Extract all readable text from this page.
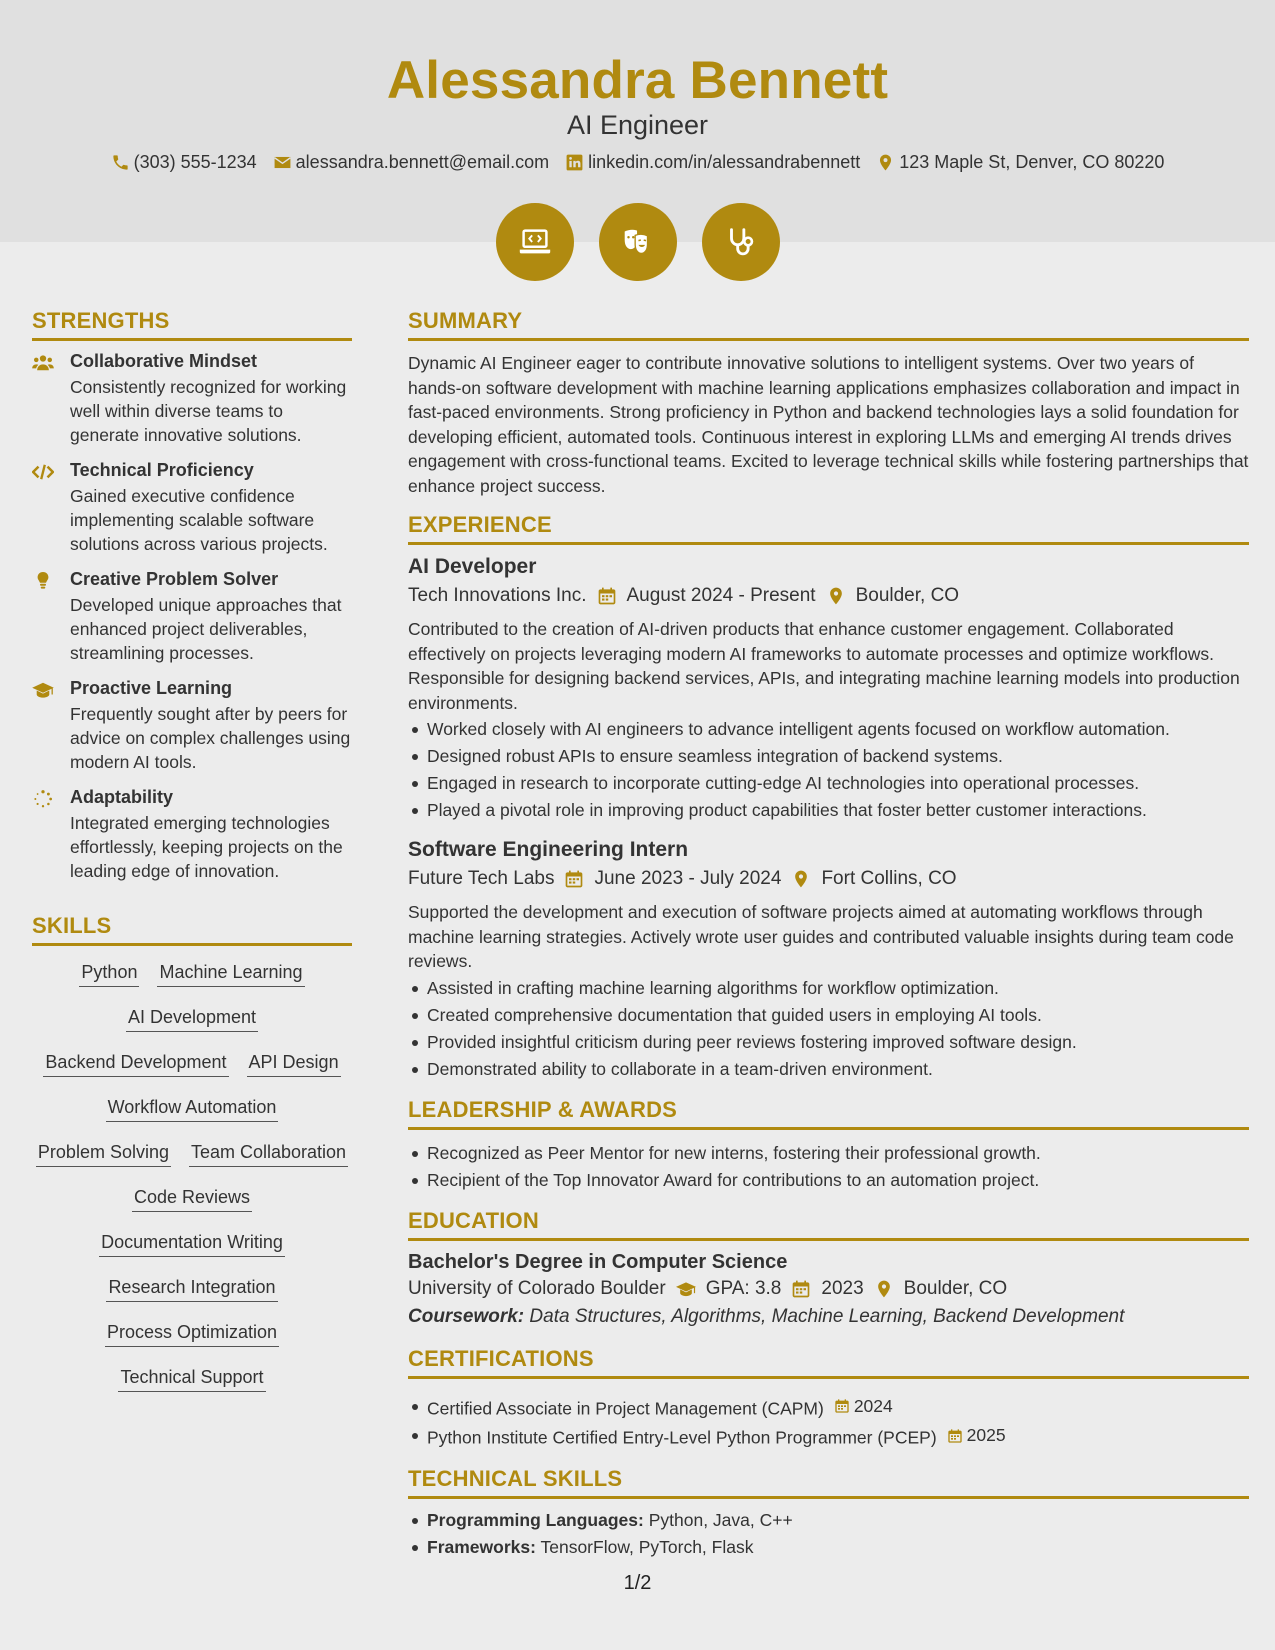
Alessandra Bennett
AI Engineer
(303) 555-1234 alessandra.bennett@email.com linkedin.com/in/alessandrabennett 123 Maple St, Denver, CO 80220
STRENGTHS
Collaborative Mindset
Consistently recognized for working well within diverse teams to generate innovative solutions.
Technical Proficiency
Gained executive confidence implementing scalable software solutions across various projects.
Creative Problem Solver
Developed unique approaches that enhanced project deliverables, streamlining processes.
Proactive Learning
Frequently sought after by peers for advice on complex challenges using modern AI tools.
Adaptability
Integrated emerging technologies effortlessly, keeping projects on the leading edge of innovation.
SKILLS
Python Machine Learning
AI Development
Backend Development API Design
Workflow Automation
Problem Solving Team Collaboration
Code Reviews
Documentation Writing
Research Integration
Process Optimization
Technical Support
SUMMARY
Dynamic AI Engineer eager to contribute innovative solutions to intelligent systems. Over two years of hands-on software development with machine learning applications emphasizes collaboration and impact in fast-paced environments. Strong proficiency in Python and backend technologies lays a solid foundation for developing efficient, automated tools. Continuous interest in exploring LLMs and emerging AI trends drives engagement with cross-functional teams. Excited to leverage technical skills while fostering partnerships that enhance project success.
EXPERIENCE
AI Developer
Tech Innovations Inc. August 2024 - Present Boulder, CO
Contributed to the creation of AI-driven products that enhance customer engagement. Collaborated effectively on projects leveraging modern AI frameworks to automate processes and optimize workflows. Responsible for designing backend services, APIs, and integrating machine learning models into production environments.
Worked closely with AI engineers to advance intelligent agents focused on workflow automation.
Designed robust APIs to ensure seamless integration of backend systems.
Engaged in research to incorporate cutting-edge AI technologies into operational processes.
Played a pivotal role in improving product capabilities that foster better customer interactions.
Software Engineering Intern
Future Tech Labs June 2023 - July 2024 Fort Collins, CO
Supported the development and execution of software projects aimed at automating workflows through machine learning strategies. Actively wrote user guides and contributed valuable insights during team code reviews.
Assisted in crafting machine learning algorithms for workflow optimization.
Created comprehensive documentation that guided users in employing AI tools.
Provided insightful criticism during peer reviews fostering improved software design.
Demonstrated ability to collaborate in a team-driven environment.
LEADERSHIP & AWARDS
Recognized as Peer Mentor for new interns, fostering their professional growth.
Recipient of the Top Innovator Award for contributions to an automation project.
EDUCATION
Bachelor's Degree in Computer Science
University of Colorado Boulder GPA: 3.8 2023 Boulder, CO
Coursework: Data Structures, Algorithms, Machine Learning, Backend Development
CERTIFICATIONS
Certified Associate in Project Management (CAPM) 2024
Python Institute Certified Entry-Level Python Programmer (PCEP) 2025
TECHNICAL SKILLS
Programming Languages: Python, Java, C++
Frameworks: TensorFlow, PyTorch, Flask
1/2
